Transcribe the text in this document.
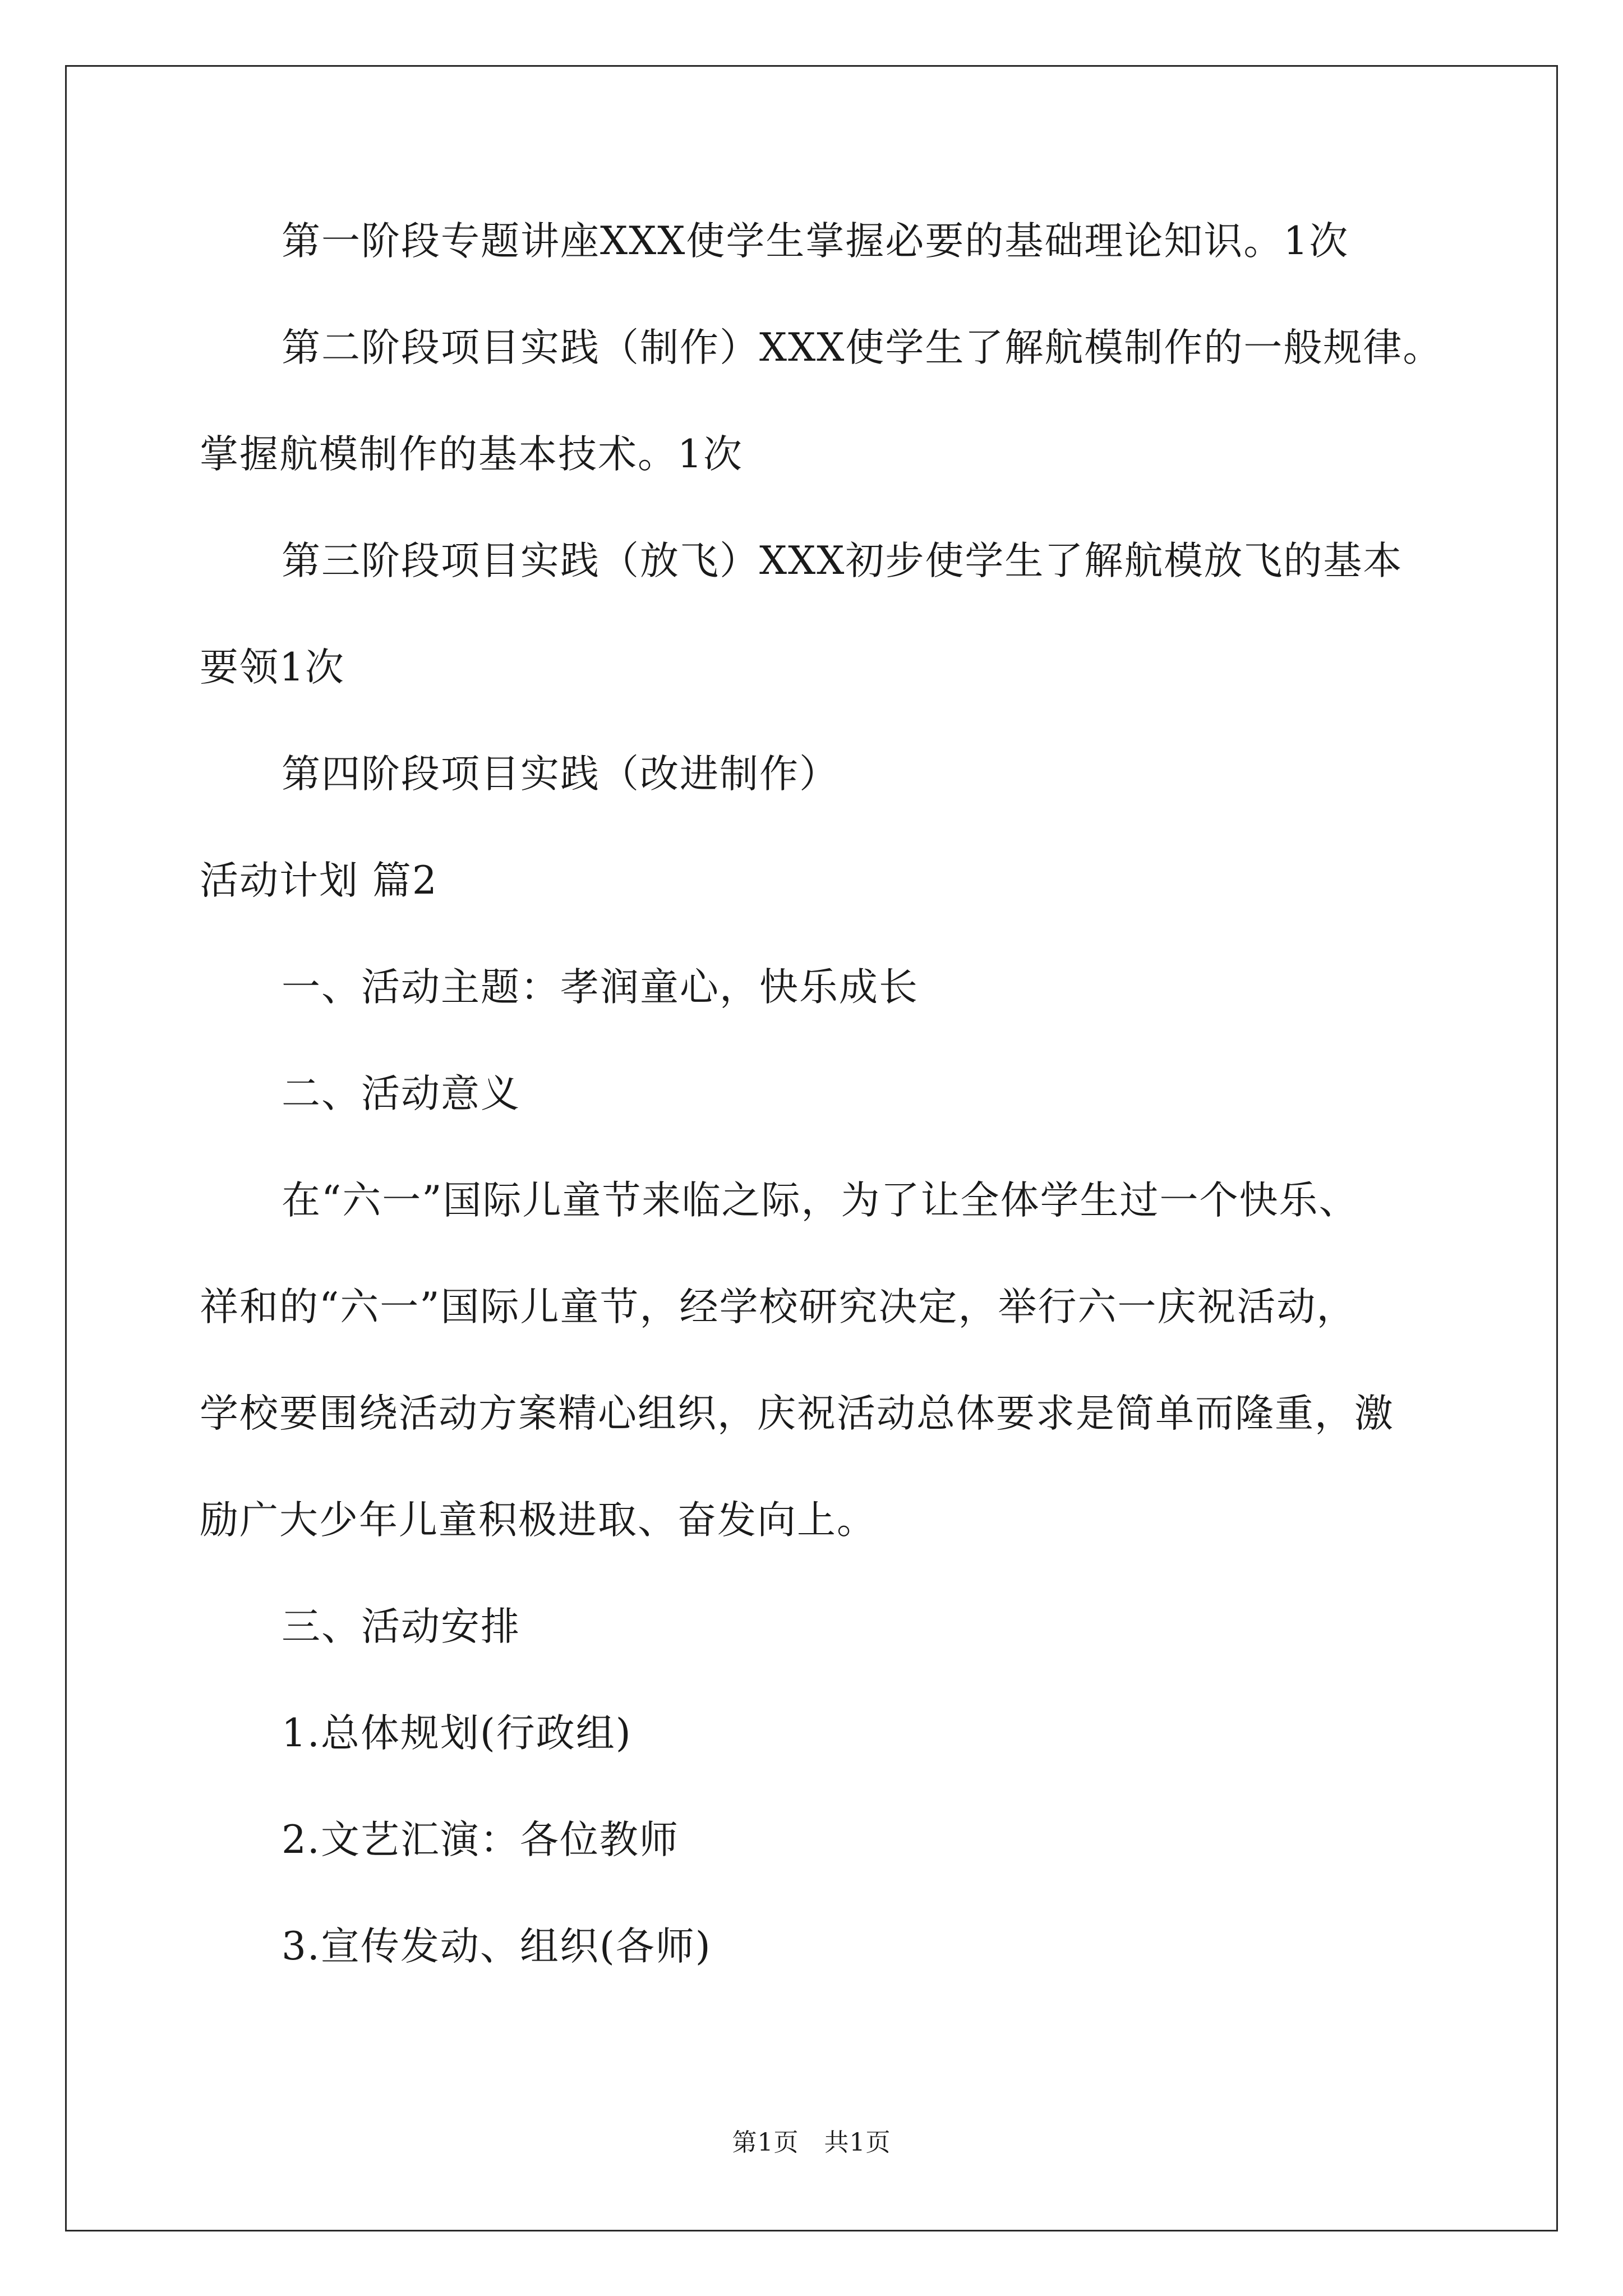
第一阶段专题讲座XXX使学生掌握必要的基础理论知识。1次
第二阶段项目实践（制作）XXX使学生了解航模制作的一般规律。
掌握航模制作的基本技术。1次
第三阶段项目实践（放飞）XXX初步使学生了解航模放飞的基本
要领1次
第四阶段项目实践（改进制作）
活动计划 篇2
一、活动主题：孝润童心，快乐成长
二、活动意义
在“六一”国际儿童节来临之际，为了让全体学生过一个快乐、
祥和的“六一”国际儿童节，经学校研究决定，举行六一庆祝活动，
学校要围绕活动方案精心组织，庆祝活动总体要求是简单而隆重，激
励广大少年儿童积极进取、奋发向上。
三、活动安排
1.总体规划(行政组)
2.文艺汇演：各位教师
3.宣传发动、组织(各师)
第1页　共1页
